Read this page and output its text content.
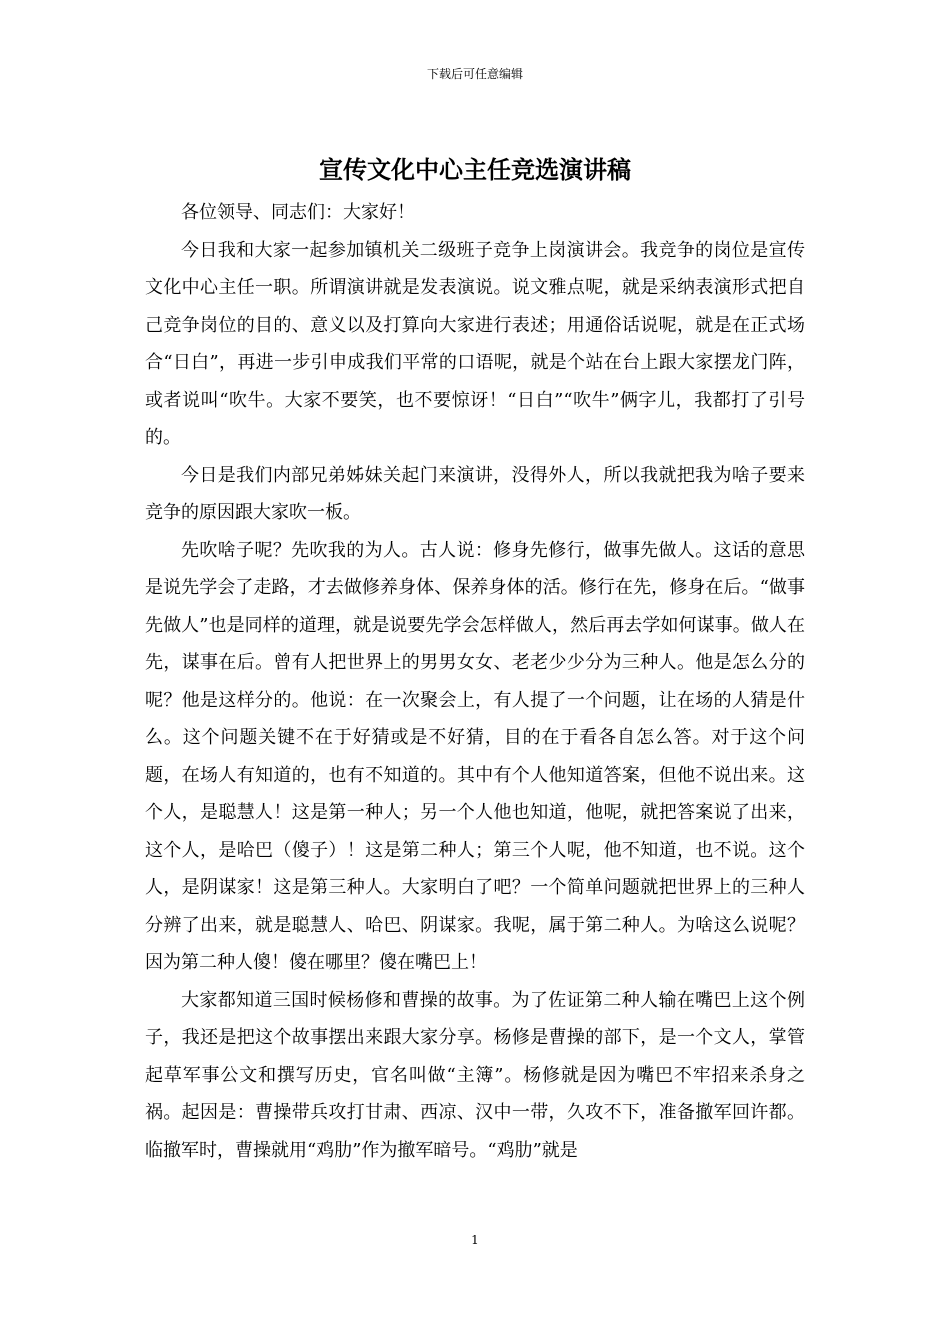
下载后可任意编辑
宣传文化中心主任竞选演讲稿

各位领导、同志们：大家好！

今日我和大家一起参加镇机关二级班子竞争上岗演讲会。我竞争的岗位是宣传文化中心主任一职。所谓演讲就是发表演说。说文雅点呢，就是采纳表演形式把自己竞争岗位的目的、意义以及打算向大家进行表述；用通俗话说呢，就是在正式场合“日白”，再进一步引申成我们平常的口语呢，就是个站在台上跟大家摆龙门阵，或者说叫“吹牛。大家不要笑，也不要惊讶！“日白”“吹牛”俩字儿，我都打了引号的。

今日是我们内部兄弟姊妹关起门来演讲，没得外人，所以我就把我为啥子要来竞争的原因跟大家吹一板。

先吹啥子呢？先吹我的为人。古人说：修身先修行，做事先做人。这话的意思是说先学会了走路，才去做修养身体、保养身体的活。修行在先，修身在后。“做事先做人”也是同样的道理，就是说要先学会怎样做人，然后再去学如何谋事。做人在先，谋事在后。曾有人把世界上的男男女女、老老少少分为三种人。他是怎么分的呢？他是这样分的。他说：在一次聚会上，有人提了一个问题，让在场的人猜是什么。这个问题关键不在于好猜或是不好猜，目的在于看各自怎么答。对于这个问题，在场人有知道的，也有不知道的。其中有个人他知道答案，但他不说出来。这个人，是聪慧人！这是第一种人；另一个人他也知道，他呢，就把答案说了出来，这个人，是哈巴（傻子）！这是第二种人；第三个人呢，他不知道，也不说。这个人，是阴谋家！这是第三种人。大家明白了吧？一个简单问题就把世界上的三种人分辨了出来，就是聪慧人、哈巴、阴谋家。我呢，属于第二种人。为啥这么说呢？因为第二种人傻！傻在哪里？傻在嘴巴上！

大家都知道三国时候杨修和曹操的故事。为了佐证第二种人输在嘴巴上这个例子，我还是把这个故事摆出来跟大家分享。杨修是曹操的部下，是一个文人，掌管起草军事公文和撰写历史，官名叫做“主簿”。杨修就是因为嘴巴不牢招来杀身之祸。起因是：曹操带兵攻打甘肃、西凉、汉中一带，久攻不下，准备撤军回许都。临撤军时，曹操就用“鸡肋”作为撤军暗号。“鸡肋”就是

1
